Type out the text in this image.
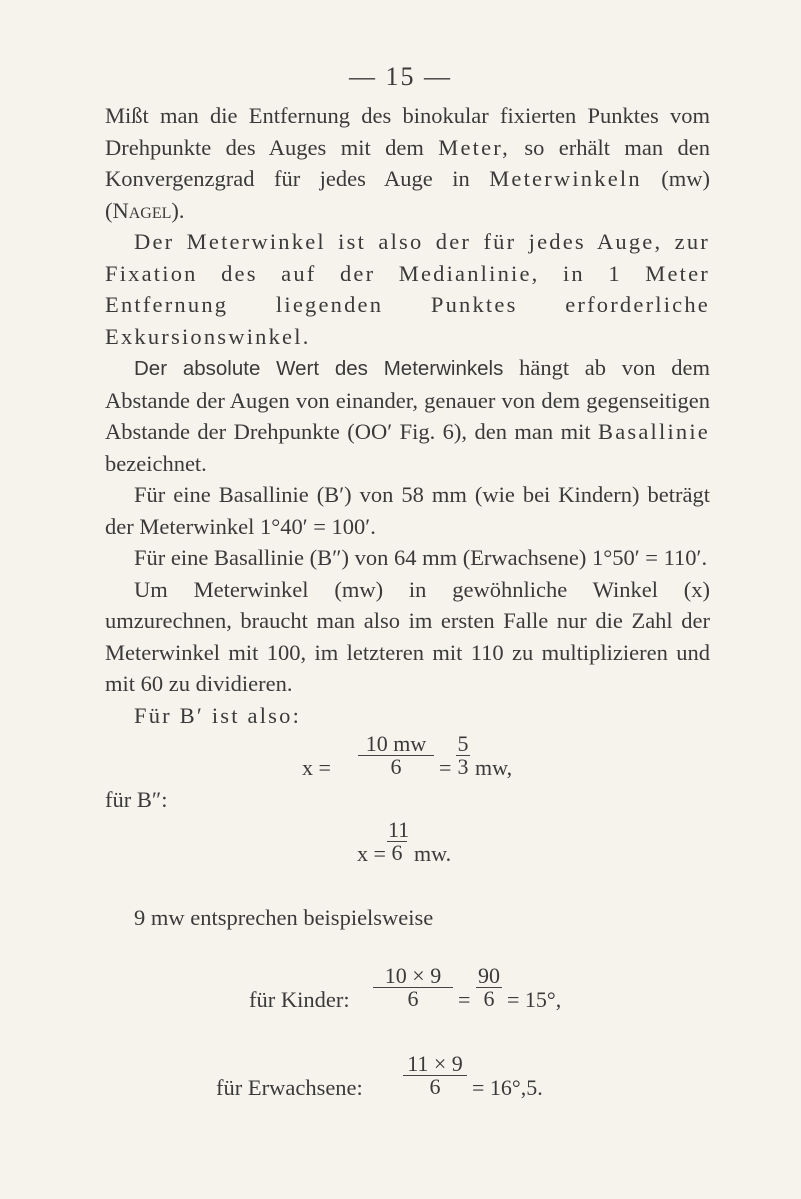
— 15 —

Mißt man die Entfernung des binokular fixierten Punktes vom Drehpunkte des Auges mit dem Meter, so erhält man den Konvergenzgrad für jedes Auge in Meterwinkeln (mw) (Nagel).

Der Meterwinkel ist also der für jedes Auge, zur Fixation des auf der Medianlinie, in 1 Meter Entfernung liegenden Punktes erforderliche Exkursionswinkel.

Der absolute Wert des Meterwinkels hängt ab von dem Abstande der Augen von einander, genauer von dem gegenseitigen Abstande der Drehpunkte (OO′ Fig. 6), den man mit Basallinie bezeichnet.

Für eine Basallinie (B′) von 58 mm (wie bei Kindern) beträgt der Meterwinkel 1°40′ = 100′.

Für eine Basallinie (B″) von 64 mm (Erwachsene) 1°50′ = 110′.

Um Meterwinkel (mw) in gewöhnliche Winkel (x) umzurechnen, braucht man also im ersten Falle nur die Zahl der Meterwinkel mit 100, im letzteren mit 110 zu multiplizieren und mit 60 zu dividieren.

Für B′ ist also:

$x = \frac{10 mw}{6} = \frac{5}{3}$ mw,
für B″:
$x = \frac{11}{6}$ mw.
9 mw entsprechen beispielsweise
für Kinder: $\frac{10 \times 9}{6} = \frac{90}{6} = 15^\circ$,
für Erwachsene: $\frac{11 \times 9}{6} = 16^\circ,5$.
